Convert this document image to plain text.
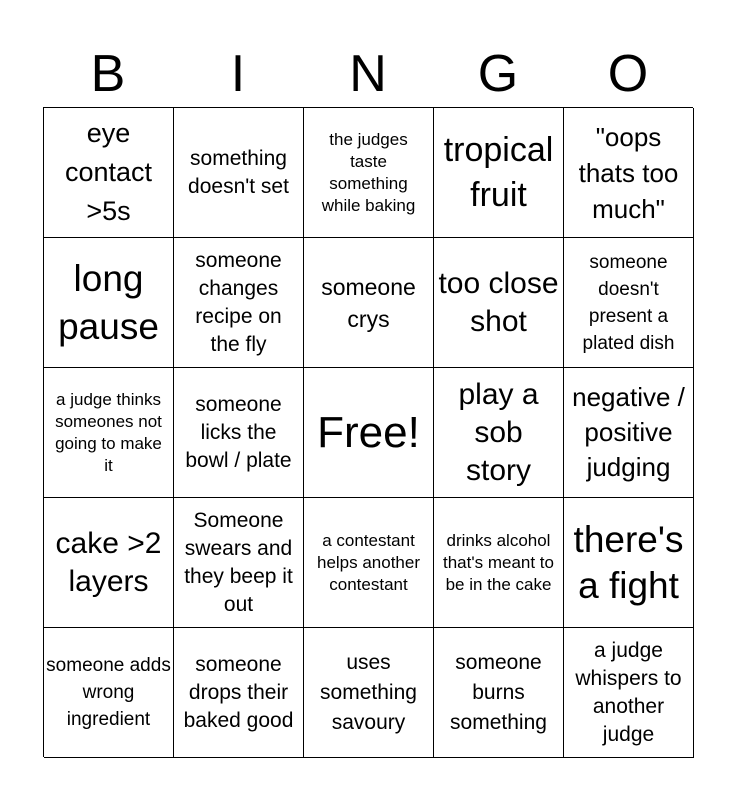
B	I	N	G	O
eye contact >5s
something doesn't set
the judges taste something while baking
tropical fruit
"oops thats too much"
long pause
someone changes recipe on the fly
someone crys
too close shot
someone doesn't present a plated dish
a judge thinks someones not going to make it
someone licks the bowl / plate
Free!
play a sob story
negative / positive judging
cake >2 layers
Someone swears and they beep it out
a contestant helps another contestant
drinks alcohol that's meant to be in the cake
there's a fight
someone adds wrong ingredient
someone drops their baked good
uses something savoury
someone burns something
a judge whispers to another judge
